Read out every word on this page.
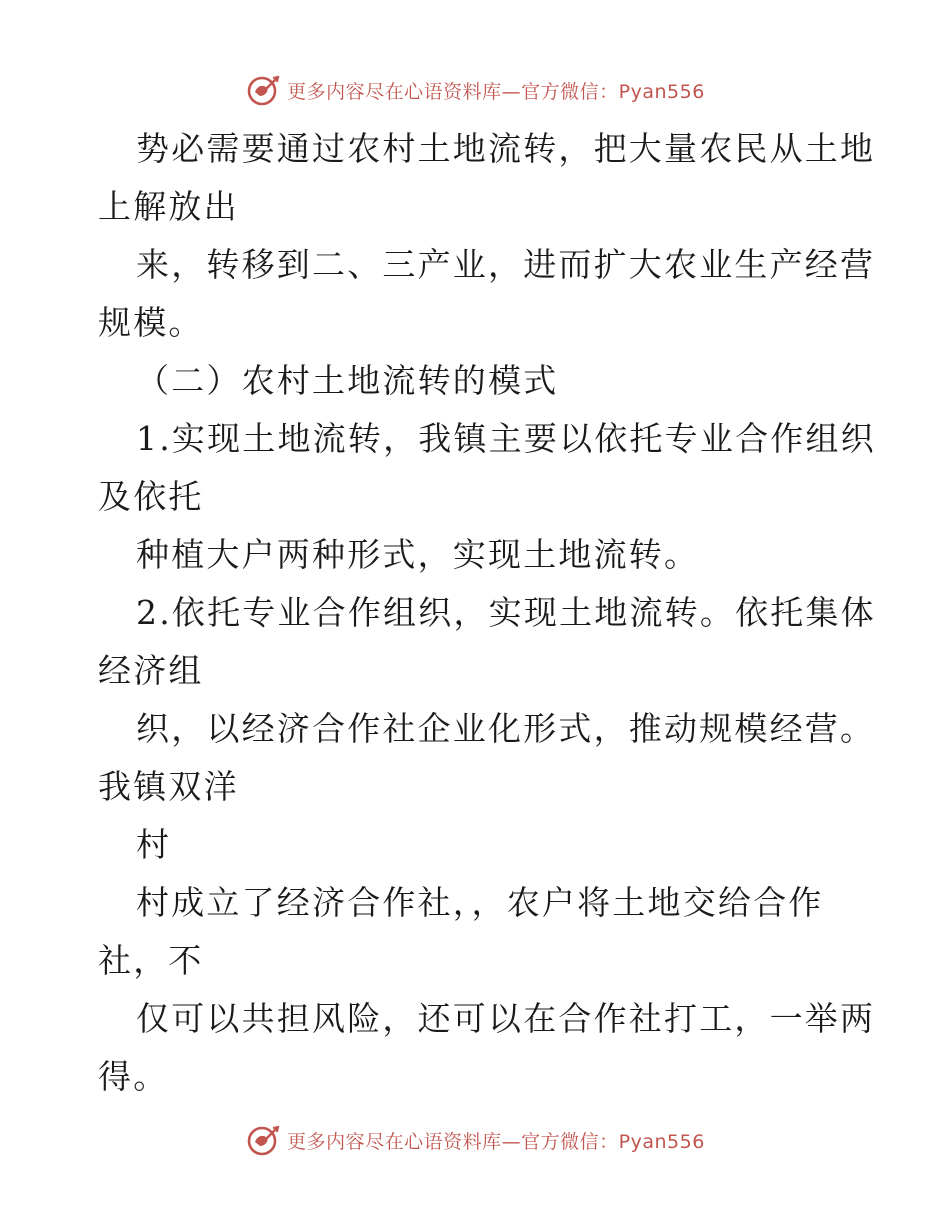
更多内容尽在心语资料库—官方微信：Pyan556
势必需要通过农村土地流转，把大量农民从土地
上解放出
来，转移到二、三产业，进而扩大农业生产经营
规模。
（二）农村土地流转的模式
1.实现土地流转，我镇主要以依托专业合作组织
及依托
种植大户两种形式，实现土地流转。
2.依托专业合作组织，实现土地流转。依托集体
经济组
织，以经济合作社企业化形式，推动规模经营。
我镇双洋
村
村成立了经济合作社，，农户将土地交给合作
社，不
仅可以共担风险，还可以在合作社打工，一举两
得。
更多内容尽在心语资料库—官方微信：Pyan556
